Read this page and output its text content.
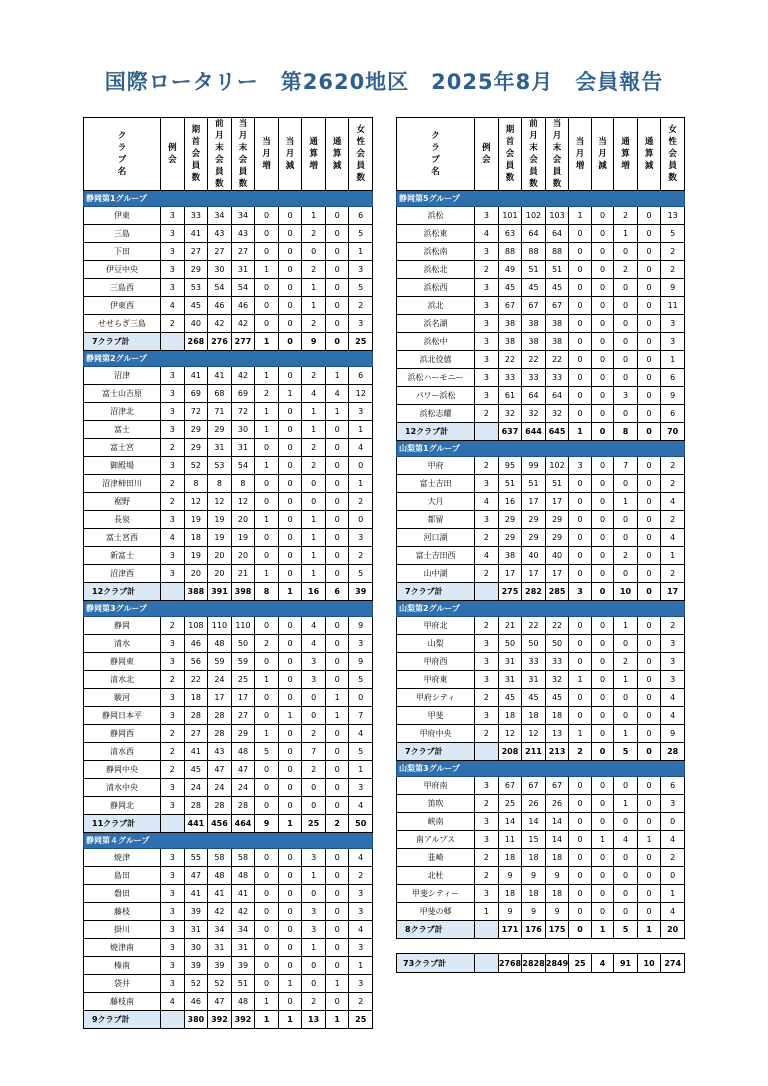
国際ロータリー　第2620地区　2025年8月　会員報告
クラブ名	例会	期首会員数	前月末会員数	当月末会員数	当月増	当月減	通算増	通算減	女性会員数

静岡第1グループ									
伊東	3	33	34	34	0	0	1	0	6
三島	3	41	43	43	0	0	2	0	5
下田	3	27	27	27	0	0	0	0	1
伊豆中央	3	29	30	31	1	0	2	0	3
三島西	3	53	54	54	0	0	1	0	5
伊東西	4	45	46	46	0	0	1	0	2
せせらぎ三島	2	40	42	42	0	0	2	0	3
7クラブ計		268	276	277	1	0	9	0	25
静岡第2グループ									
沼津	3	41	41	42	1	0	2	1	6
富士山吉原	3	69	68	69	2	1	4	4	12
沼津北	3	72	71	72	1	0	1	1	3
富士	3	29	29	30	1	0	1	0	1
富士宮	2	29	31	31	0	0	2	0	4
御殿場	3	52	53	54	1	0	2	0	0
沼津柿田川	2	8	8	8	0	0	0	0	1
裾野	2	12	12	12	0	0	0	0	2
長泉	3	19	19	20	1	0	1	0	0
富士宮西	4	18	19	19	0	0	1	0	3
新富士	3	19	20	20	0	0	1	0	2
沼津西	3	20	20	21	1	0	1	0	5
12クラブ計		388	391	398	8	1	16	6	39
静岡第3グループ									
静岡	2	108	110	110	0	0	4	0	9
清水	3	46	48	50	2	0	4	0	3
静岡東	3	56	59	59	0	0	3	0	9
清水北	2	22	24	25	1	0	3	0	5
駿河	3	18	17	17	0	0	0	1	0
静岡日本平	3	28	28	27	0	1	0	1	7
静岡西	2	27	28	29	1	0	2	0	4
清水西	2	41	43	48	5	0	7	0	5
静岡中央	2	45	47	47	0	0	2	0	1
清水中央	3	24	24	24	0	0	0	0	3
静岡北	3	28	28	28	0	0	0	0	4
11クラブ計		441	456	464	9	1	25	2	50
静岡第４グループ									
焼津	3	55	58	58	0	0	3	0	4
島田	3	47	48	48	0	0	1	0	2
磐田	3	41	41	41	0	0	0	0	3
藤枝	3	39	42	42	0	0	3	0	3
掛川	3	31	34	34	0	0	3	0	4
焼津南	3	30	31	31	0	0	1	0	3
榛南	3	39	39	39	0	0	0	0	1
袋井	3	52	52	51	0	1	0	1	3
藤枝南	4	46	47	48	1	0	2	0	2
9クラブ計		380	392	392	1	1	13	1	25
クラブ名	例会	期首会員数	前月末会員数	当月末会員数	当月増	当月減	通算増	通算減	女性会員数

静岡第5グループ									
浜松	3	101	102	103	1	0	2	0	13
浜松東	4	63	64	64	0	0	1	0	5
浜松南	3	88	88	88	0	0	0	0	2
浜松北	2	49	51	51	0	0	2	0	2
浜松西	3	45	45	45	0	0	0	0	9
浜北	3	67	67	67	0	0	0	0	11
浜名湖	3	38	38	38	0	0	0	0	3
浜松中	3	38	38	38	0	0	0	0	3
浜北佼僖	3	22	22	22	0	0	0	0	1
浜松ハーモニー	3	33	33	33	0	0	0	0	6
パワー浜松	3	61	64	64	0	0	3	0	9
浜松志耀	2	32	32	32	0	0	0	0	6
12クラブ計		637	644	645	1	0	8	0	70
山梨第1グループ									
甲府	2	95	99	102	3	0	7	0	2
富士吉田	3	51	51	51	0	0	0	0	2
大月	4	16	17	17	0	0	1	0	4
都留	3	29	29	29	0	0	0	0	2
河口湖	2	29	29	29	0	0	0	0	4
富士吉田西	4	38	40	40	0	0	2	0	1
山中湖	2	17	17	17	0	0	0	0	2
7クラブ計		275	282	285	3	0	10	0	17
山梨第2グループ									
甲府北	2	21	22	22	0	0	1	0	2
山梨	3	50	50	50	0	0	0	0	3
甲府西	3	31	33	33	0	0	2	0	3
甲府東	3	31	31	32	1	0	1	0	3
甲府シティ	2	45	45	45	0	0	0	0	4
甲斐	3	18	18	18	0	0	0	0	4
甲府中央	2	12	12	13	1	0	1	0	9
7クラブ計		208	211	213	2	0	5	0	28
山梨第3グループ									
甲府南	3	67	67	67	0	0	0	0	6
笛吹	2	25	26	26	0	0	1	0	3
峡南	3	14	14	14	0	0	0	0	0
南アルプス	3	11	15	14	0	1	4	1	4
韮崎	2	18	18	18	0	0	0	0	2
北杜	2	9	9	9	0	0	0	0	0
甲斐シティー	3	18	18	18	0	0	0	0	1
甲斐の郷	1	9	9	9	0	0	0	0	4
8クラブ計		171	176	175	0	1	5	1	20
73クラブ計		2768	2828	2849	25	4	91	10	274
